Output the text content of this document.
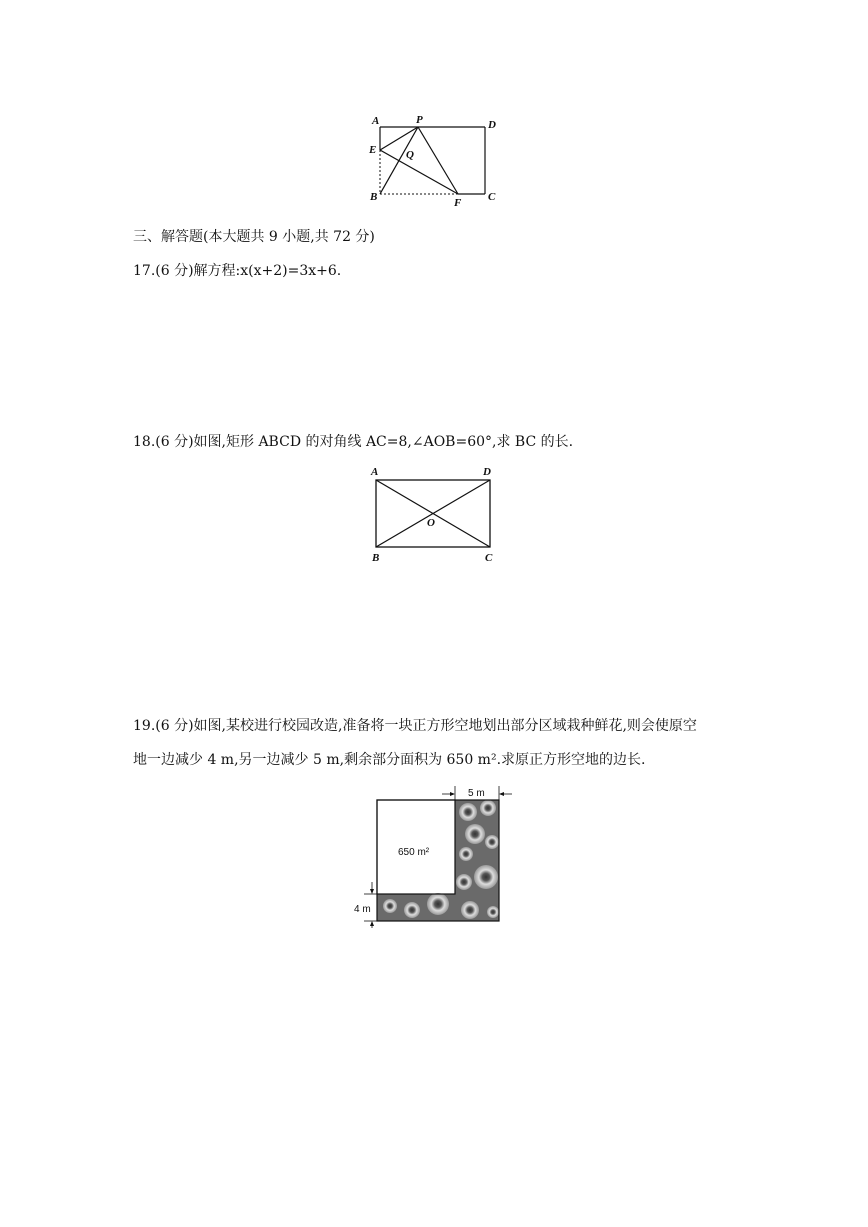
A	P	D
E	Q
B	F C
三、解答题(本大题共 9 小题,共 72 分)
17.(6 分)解方程:x(x+2)=3x+6.
18.(6 分)如图,矩形 ABCD 的对角线 AC=8,∠AOB=60°,求 BC 的长.
A	D
O
B	C
19.(6 分)如图,某校进行校园改造,准备将一块正方形空地划出部分区域栽种鲜花,则会使原空
地一边减少 4 m,另一边减少 5 m,剩余部分面积为 650 m².求原正方形空地的边长.
650 m²
5 m
4 m
